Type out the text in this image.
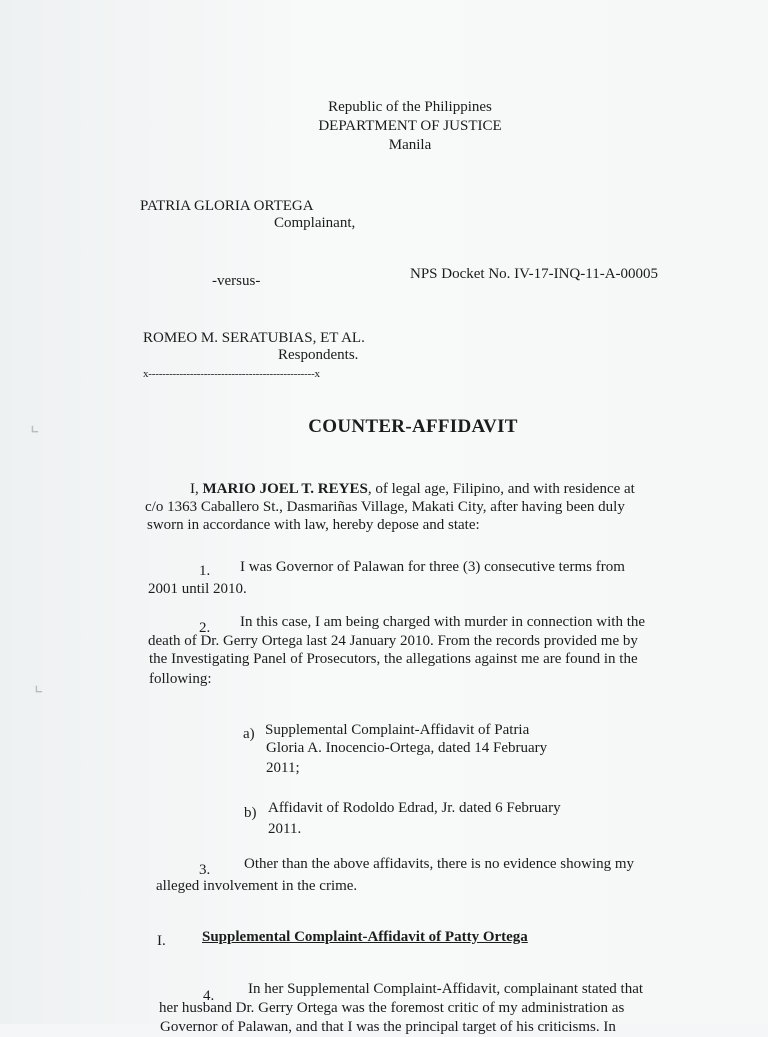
⌞
⌞
Republic of the Philippines
DEPARTMENT OF JUSTICE
Manila
PATRIA GLORIA ORTEGA
Complainant,
-versus-	NPS Docket No. IV-17-INQ-11-A-00005
ROMEO M. SERATUBIAS, ET AL.
Respondents.
x------------------------------------------------x
COUNTER-AFFIDAVIT
I, MARIO JOEL T. REYES, of legal age, Filipino, and with residence at
c/o 1363 Caballero St., Dasmariñas Village, Makati City, after having been duly
sworn in accordance with law, hereby depose and state:
1. I was Governor of Palawan for three (3) consecutive terms from
2001 until 2010.
2. In this case, I am being charged with murder in connection with the
death of Dr. Gerry Ortega last 24 January 2010. From the records provided me by
the Investigating Panel of Prosecutors, the allegations against me are found in the
following:
a) Supplemental Complaint-Affidavit of Patria
Gloria A. Inocencio-Ortega, dated 14 February
2011;
b) Affidavit of Rodoldo Edrad, Jr. dated 6 February
2011.
3. Other than the above affidavits, there is no evidence showing my
alleged involvement in the crime.
I. Supplemental Complaint-Affidavit of Patty Ortega
4. In her Supplemental Complaint-Affidavit, complainant stated that
her husband Dr. Gerry Ortega was the foremost critic of my administration as
Governor of Palawan, and that I was the principal target of his criticisms. In
